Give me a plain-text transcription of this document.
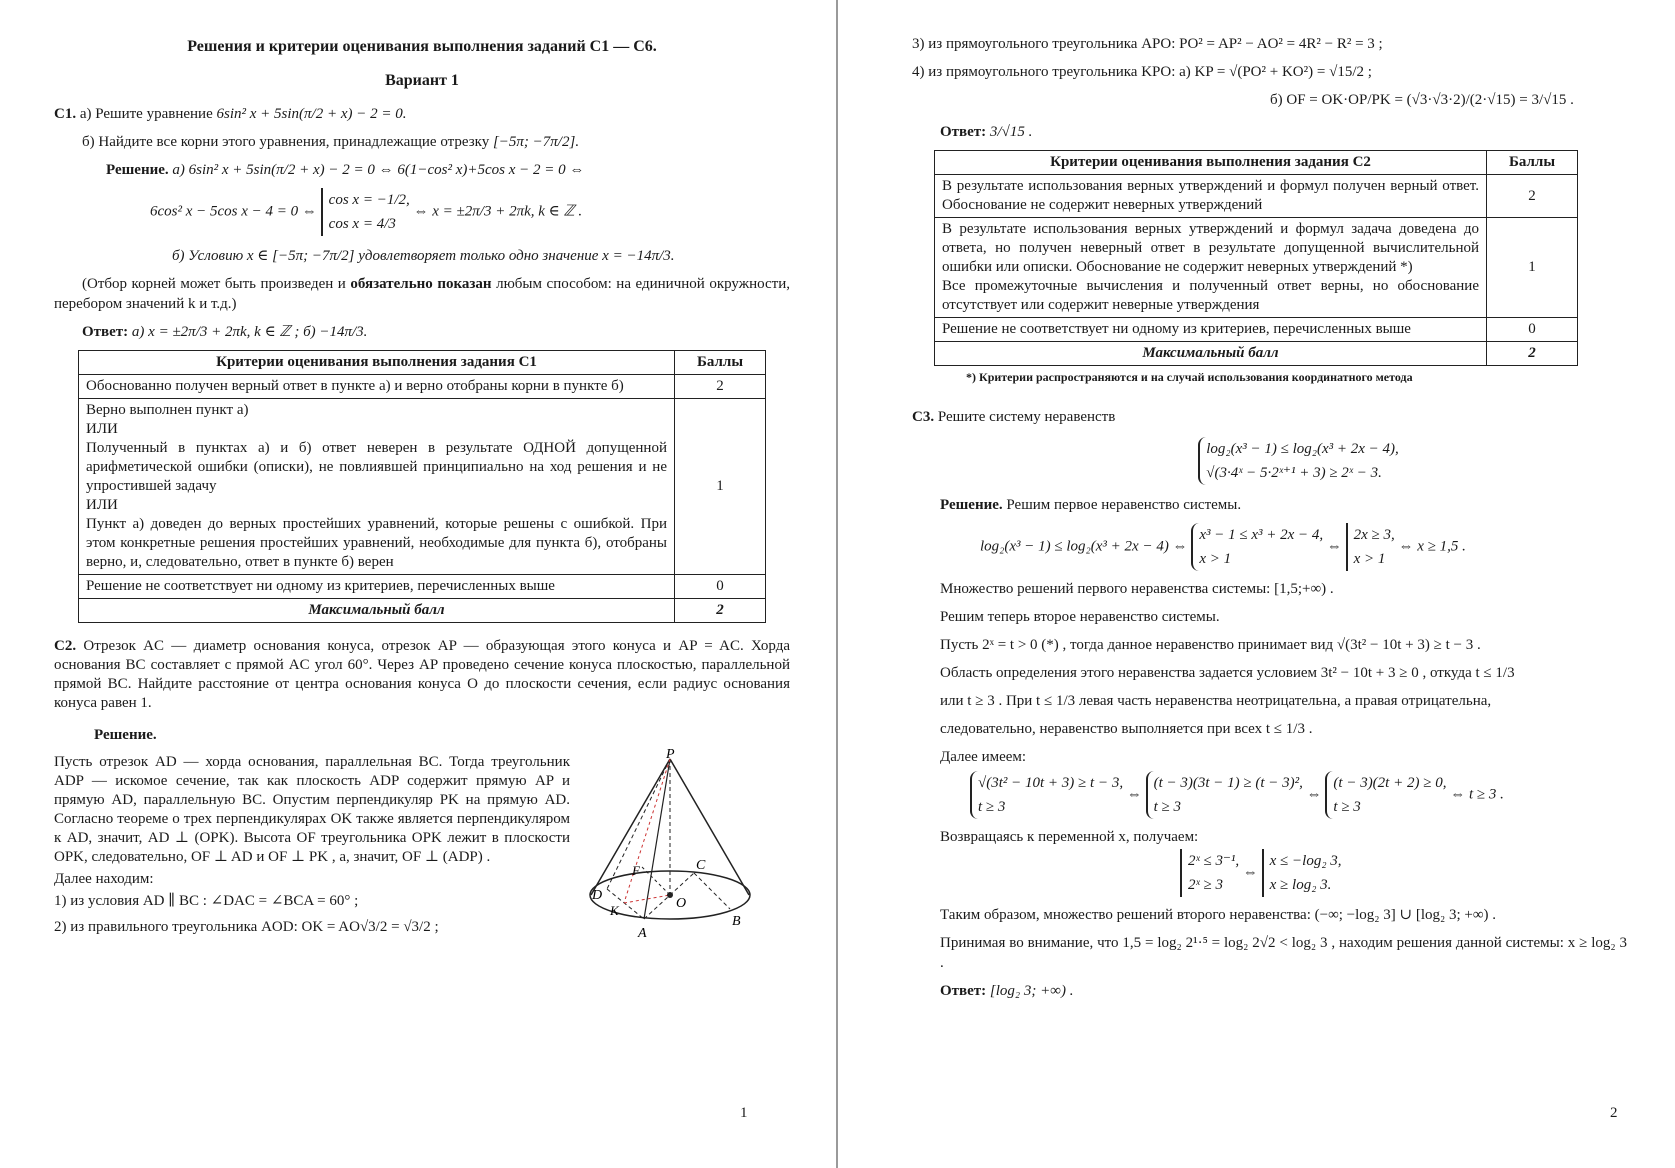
Решения и критерии оценивания выполнения заданий С1 — С6.

Вариант 1

С1. а) Решите уравнение 6sin² x + 5sin(π/2 + x) − 2 = 0.

б) Найдите все корни этого уравнения, принадлежащие отрезку [−5π; −7π/2].

Решение. а) 6sin² x + 5sin(π/2 + x) − 2 = 0 ⇔ 6(1−cos² x)+5cos x − 2 = 0 ⇔

6cos² x − 5cos x − 4 = 0 ⇔ cos x = −1/2,
cos x = 4/3 ⇔ x = ±2π/3 + 2πk, k ∈ ℤ .

б) Условию x ∈ [−5π; −7π/2] удовлетворяет только одно значение x = −14π/3.

(Отбор корней может быть произведен и обязательно показан любым способом: на единичной окружности, перебором значений k и т.д.)

Ответ: а) x = ±2π/3 + 2πk, k ∈ ℤ ; б) −14π/3.

Критерии оценивания выполнения задания С1	Баллы
Обоснованно получен верный ответ в пункте а) и верно отобраны корни в пункте б)	2

Верно выполнен пункт а)
ИЛИ
Полученный в пунктах а) и б) ответ неверен в результате ОДНОЙ допущенной арифметической ошибки (описки), не повлиявшей принципиально на ход решения и не упростившей задачу
ИЛИ
Пункт а) доведен до верных простейших уравнений, которые решены с ошибкой. При этом конкретные решения простейших уравнений, необходимые для пункта б), отобраны верно, и, следовательно, ответ в пункте б) верен	1
Решение не соответствует ни одному из критериев, перечисленных выше	0
Максимальный балл	2

С2. Отрезок AC — диаметр основания конуса, отрезок AP — образующая этого конуса и AP = AC. Хорда основания BC составляет с прямой AC угол 60°. Через AP проведено сечение конуса плоскостью, параллельной прямой BC. Найдите расстояние от центра основания конуса O до плоскости сечения, если радиус основания конуса равен 1.

Решение.

Пусть отрезок AD — хорда основания, параллельная BC. Тогда треугольник ADP — искомое сечение, так как плоскость ADP содержит прямую AP и прямую AD, параллельную BC. Опустим перпендикуляр PK на прямую AD. Согласно теореме о трех перпендикулярах OK также является перпендикуляром к AD, значит, AD ⊥ (OPK). Высота OF треугольника OPK лежит в плоскости OPK, следовательно, OF ⊥ AD и OF ⊥ PK , а, значит, OF ⊥ (ADP) .

Далее находим:

1) из условия AD ∥ BC : ∠DAC = ∠BCA = 60° ;

2) из правильного треугольника AOD: OK = AO√3/2 = √3/2 ;

P
C
F
D
K	O
A
B
1

3) из прямоугольного треугольника APO: PO² = AP² − AO² = 4R² − R² = 3 ;

4) из прямоугольного треугольника KPO: а) KP = √(PO² + KO²) = √15/2 ;

б) OF = OK·OP/PK = (√3·√3·2)/(2·√15) = 3/√15 .

Ответ: 3/√15 .

Критерии оценивания выполнения задания С2	Баллы
В результате использования верных утверждений и формул получен верный ответ. Обоснование не содержит неверных утверждений	2

В результате использования верных утверждений и формул задача доведена до ответа, но получен неверный ответ в результате допущенной вычислительной ошибки или описки. Обоснование не содержит неверных утверждений *)
Все промежуточные вычисления и полученный ответ верны, но обоснование отсутствует или содержит неверные утверждения	1
Решение не соответствует ни одному из критериев, перечисленных выше	0
Максимальный балл	2

*) Критерии распространяются и на случай использования координатного метода

С3. Решите систему неравенств

log₂(x³ − 1) ≤ log₂(x³ + 2x − 4),
√(3·4ˣ − 5·2ˣ⁺¹ + 3) ≥ 2ˣ − 3.

Решение. Решим первое неравенство системы.

log₂(x³ − 1) ≤ log₂(x³ + 2x − 4) ⇔ x³ − 1 ≤ x³ + 2x − 4,
x > 1 ⇔ 2x ≥ 3,
x > 1 ⇔ x ≥ 1,5 .

Множество решений первого неравенства системы: [1,5;+∞) .

Решим теперь второе неравенство системы.

Пусть 2ˣ = t > 0 (*) , тогда данное неравенство принимает вид √(3t² − 10t + 3) ≥ t − 3 .

Область определения этого неравенства задается условием 3t² − 10t + 3 ≥ 0 , откуда t ≤ 1/3

или t ≥ 3 . При t ≤ 1/3 левая часть неравенства неотрицательна, а правая отрицательна,

следовательно, неравенство выполняется при всех t ≤ 1/3 .

Далее имеем:

√(3t² − 10t + 3) ≥ t − 3,
t ≥ 3 ⇔ (t − 3)(3t − 1) ≥ (t − 3)²,
t ≥ 3 ⇔ (t − 3)(2t + 2) ≥ 0,
t ≥ 3 ⇔ t ≥ 3 .

Возвращаясь к переменной x, получаем:

2ˣ ≤ 3⁻¹,
2ˣ ≥ 3 ⇔ x ≤ −log₂ 3,
x ≥ log₂ 3.

Таким образом, множество решений второго неравенства: (−∞; −log₂ 3] ∪ [log₂ 3; +∞) .

Принимая во внимание, что 1,5 = log₂ 2¹·⁵ = log₂ 2√2 < log₂ 3 , находим решения данной системы: x ≥ log₂ 3 .

Ответ: [log₂ 3; +∞) .

2
